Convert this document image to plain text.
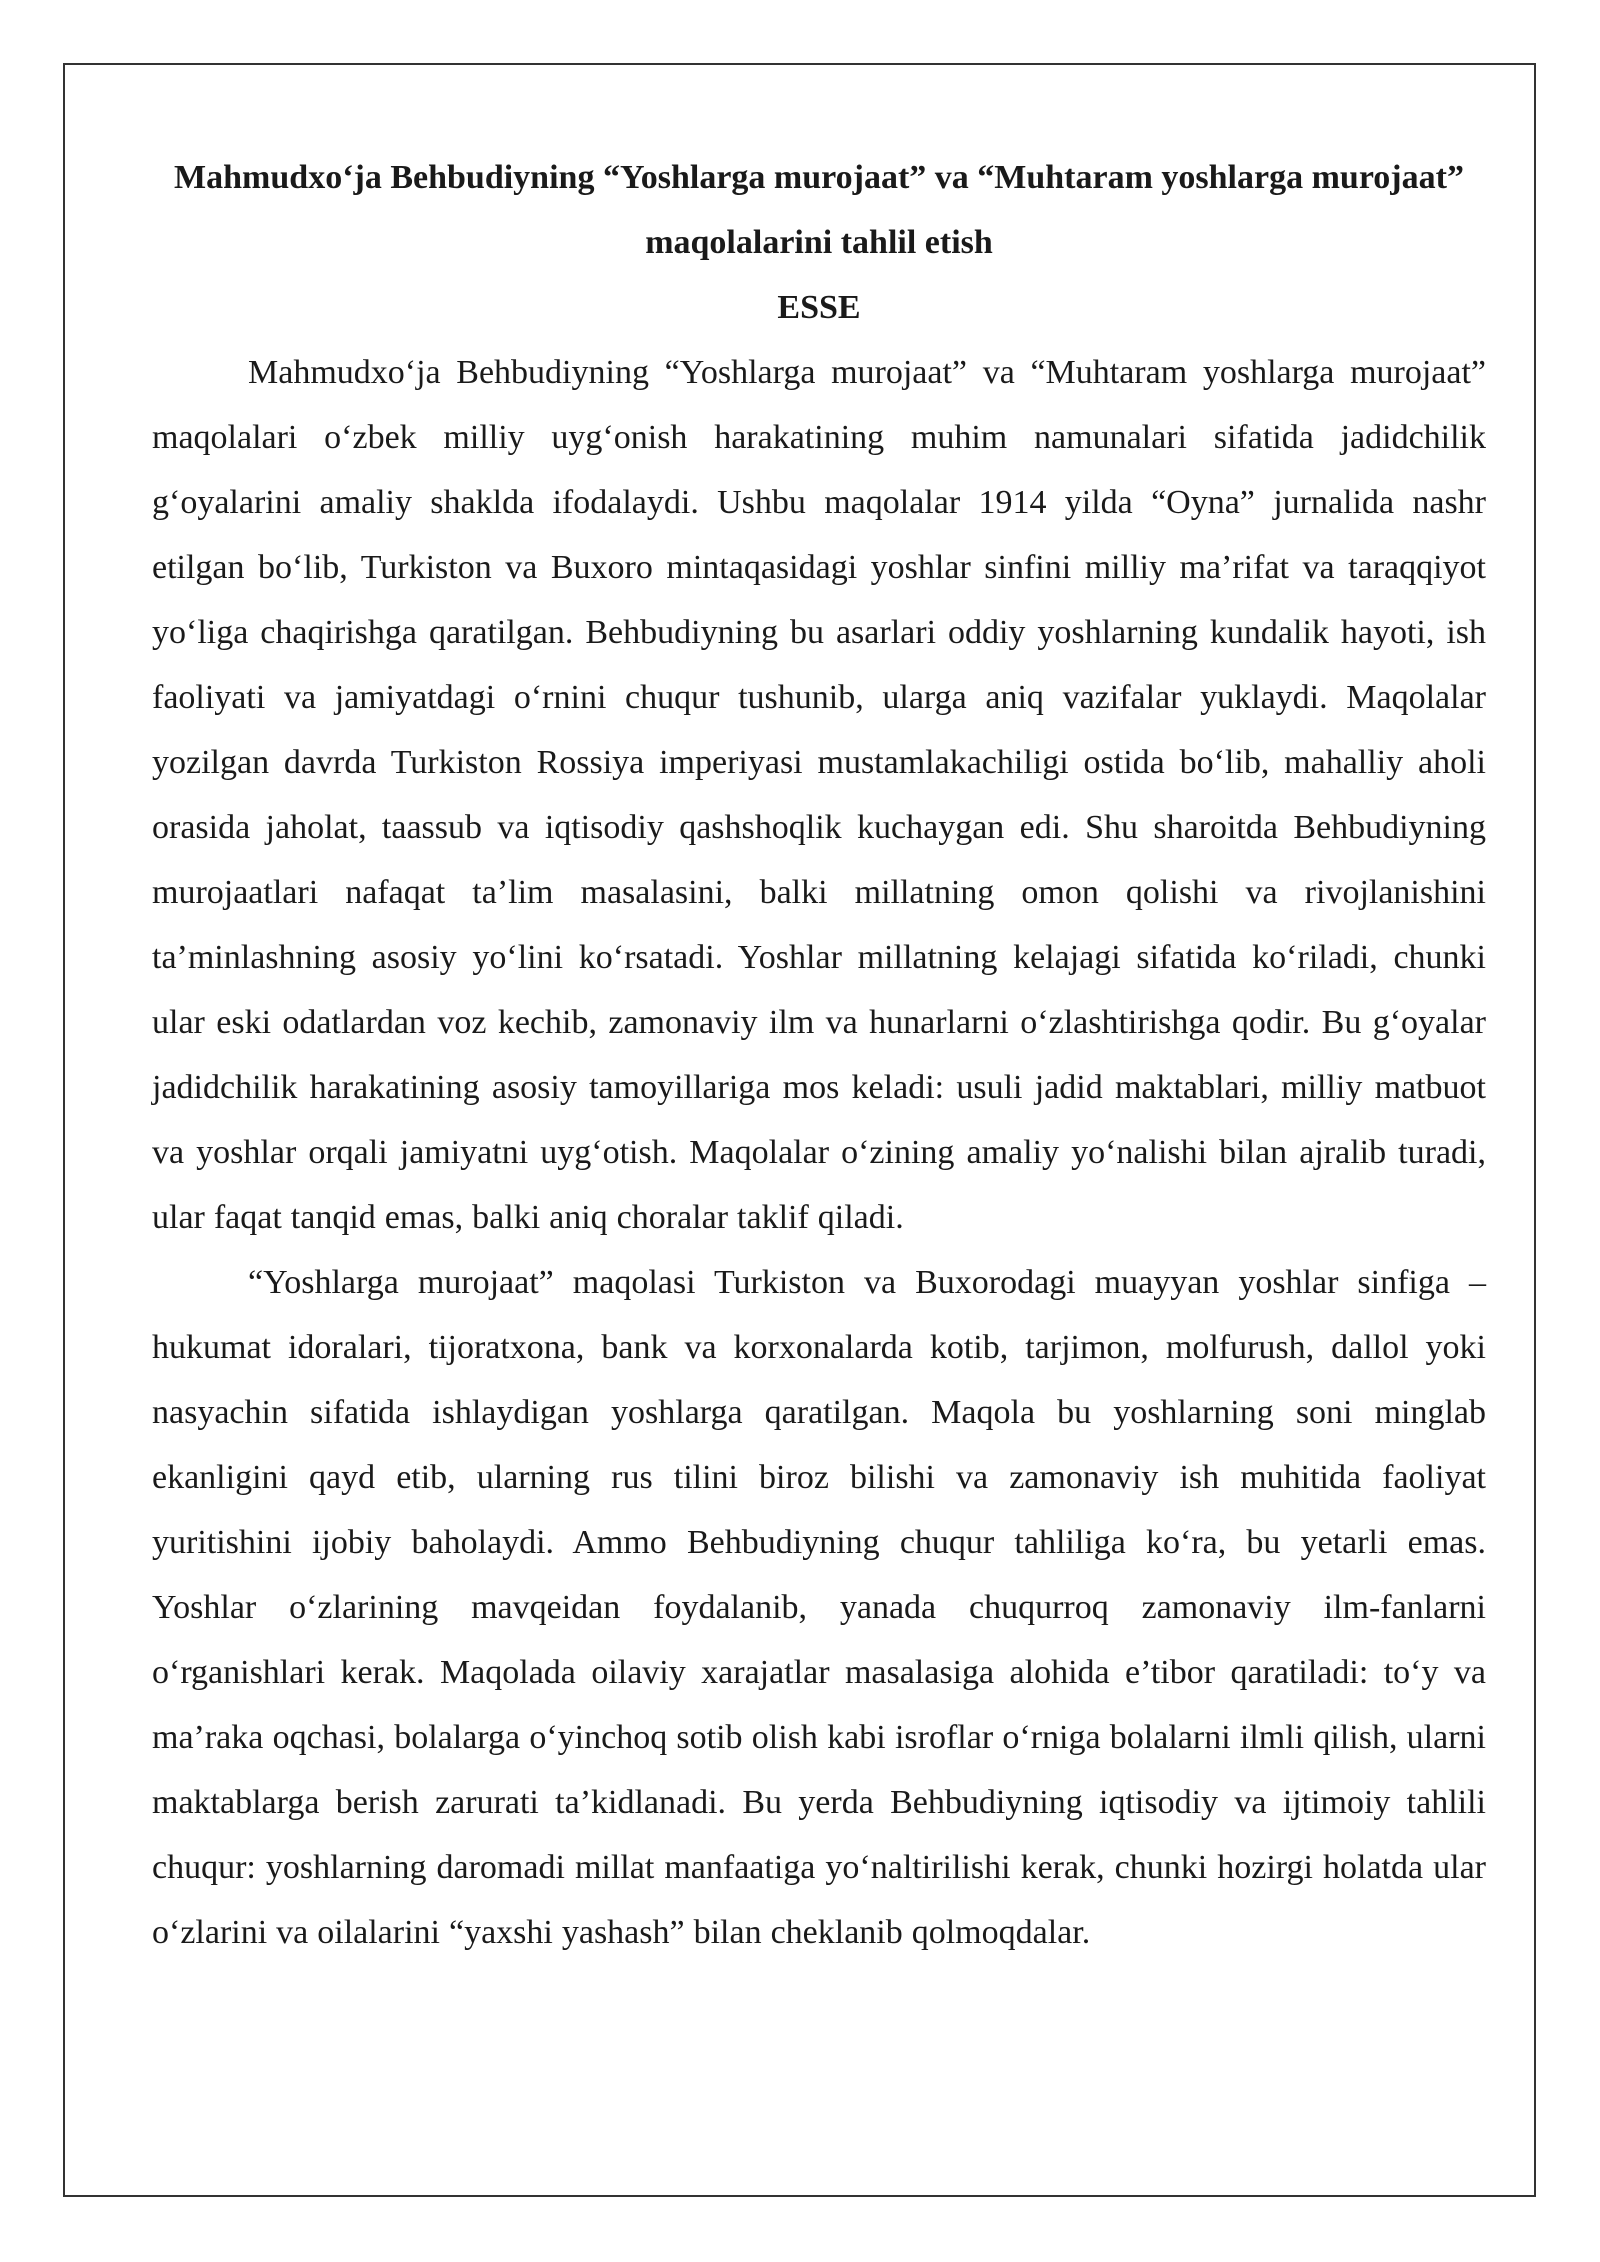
Mahmudxo‘ja Behbudiyning “Yoshlarga murojaat” va “Muhtaram yoshlarga murojaat” maqolalarini tahlil etish
ESSE

Mahmudxo‘ja Behbudiyning “Yoshlarga murojaat” va “Muhtaram yoshlarga murojaat” maqolalari o‘zbek milliy uyg‘onish harakatining muhim namunalari sifatida jadidchilik g‘oyalarini amaliy shaklda ifodalaydi. Ushbu maqolalar 1914 yilda “Oyna” jurnalida nashr etilgan bo‘lib, Turkiston va Buxoro mintaqasidagi yoshlar sinfini milliy ma’rifat va taraqqiyot yo‘liga chaqirishga qaratilgan. Behbudiyning bu asarlari oddiy yoshlarning kundalik hayoti, ish faoliyati va jamiyatdagi o‘rnini chuqur tushunib, ularga aniq vazifalar yuklaydi. Maqolalar yozilgan davrda Turkiston Rossiya imperiyasi mustamlakachiligi ostida bo‘lib, mahalliy aholi orasida jaholat, taassub va iqtisodiy qashshoqlik kuchaygan edi. Shu sharoitda Behbudiyning murojaatlari nafaqat ta’lim masalasini, balki millatning omon qolishi va rivojlanishini ta’minlashning asosiy yo‘lini ko‘rsatadi. Yoshlar millatning kelajagi sifatida ko‘riladi, chunki ular eski odatlardan voz kechib, zamonaviy ilm va hunarlarni o‘zlashtirishga qodir. Bu g‘oyalar jadidchilik harakatining asosiy tamoyillariga mos keladi: usuli jadid maktablari, milliy matbuot va yoshlar orqali jamiyatni uyg‘otish. Maqolalar o‘zining amaliy yo‘nalishi bilan ajralib turadi, ular faqat tanqid emas, balki aniq choralar taklif qiladi.

“Yoshlarga murojaat” maqolasi Turkiston va Buxorodagi muayyan yoshlar sinfiga – hukumat idoralari, tijoratxona, bank va korxonalarda kotib, tarjimon, molfurush, dallol yoki nasyachin sifatida ishlaydigan yoshlarga qaratilgan. Maqola bu yoshlarning soni minglab ekanligini qayd etib, ularning rus tilini biroz bilishi va zamonaviy ish muhitida faoliyat yuritishini ijobiy baholaydi. Ammo Behbudiyning chuqur tahliliga ko‘ra, bu yetarli emas. Yoshlar o‘zlarining mavqeidan foydalanib, yanada chuqurroq zamonaviy ilm-fanlarni o‘rganishlari kerak. Maqolada oilaviy xarajatlar masalasiga alohida e’tibor qaratiladi: to‘y va ma’raka oqchasi, bolalarga o‘yinchoq sotib olish kabi isroflar o‘rniga bolalarni ilmli qilish, ularni maktablarga berish zarurati ta’kidlanadi. Bu yerda Behbudiyning iqtisodiy va ijtimoiy tahlili chuqur: yoshlarning daromadi millat manfaatiga yo‘naltirilishi kerak, chunki hozirgi holatda ular o‘zlarini va oilalarini “yaxshi yashash” bilan cheklanib qolmoqdalar.
